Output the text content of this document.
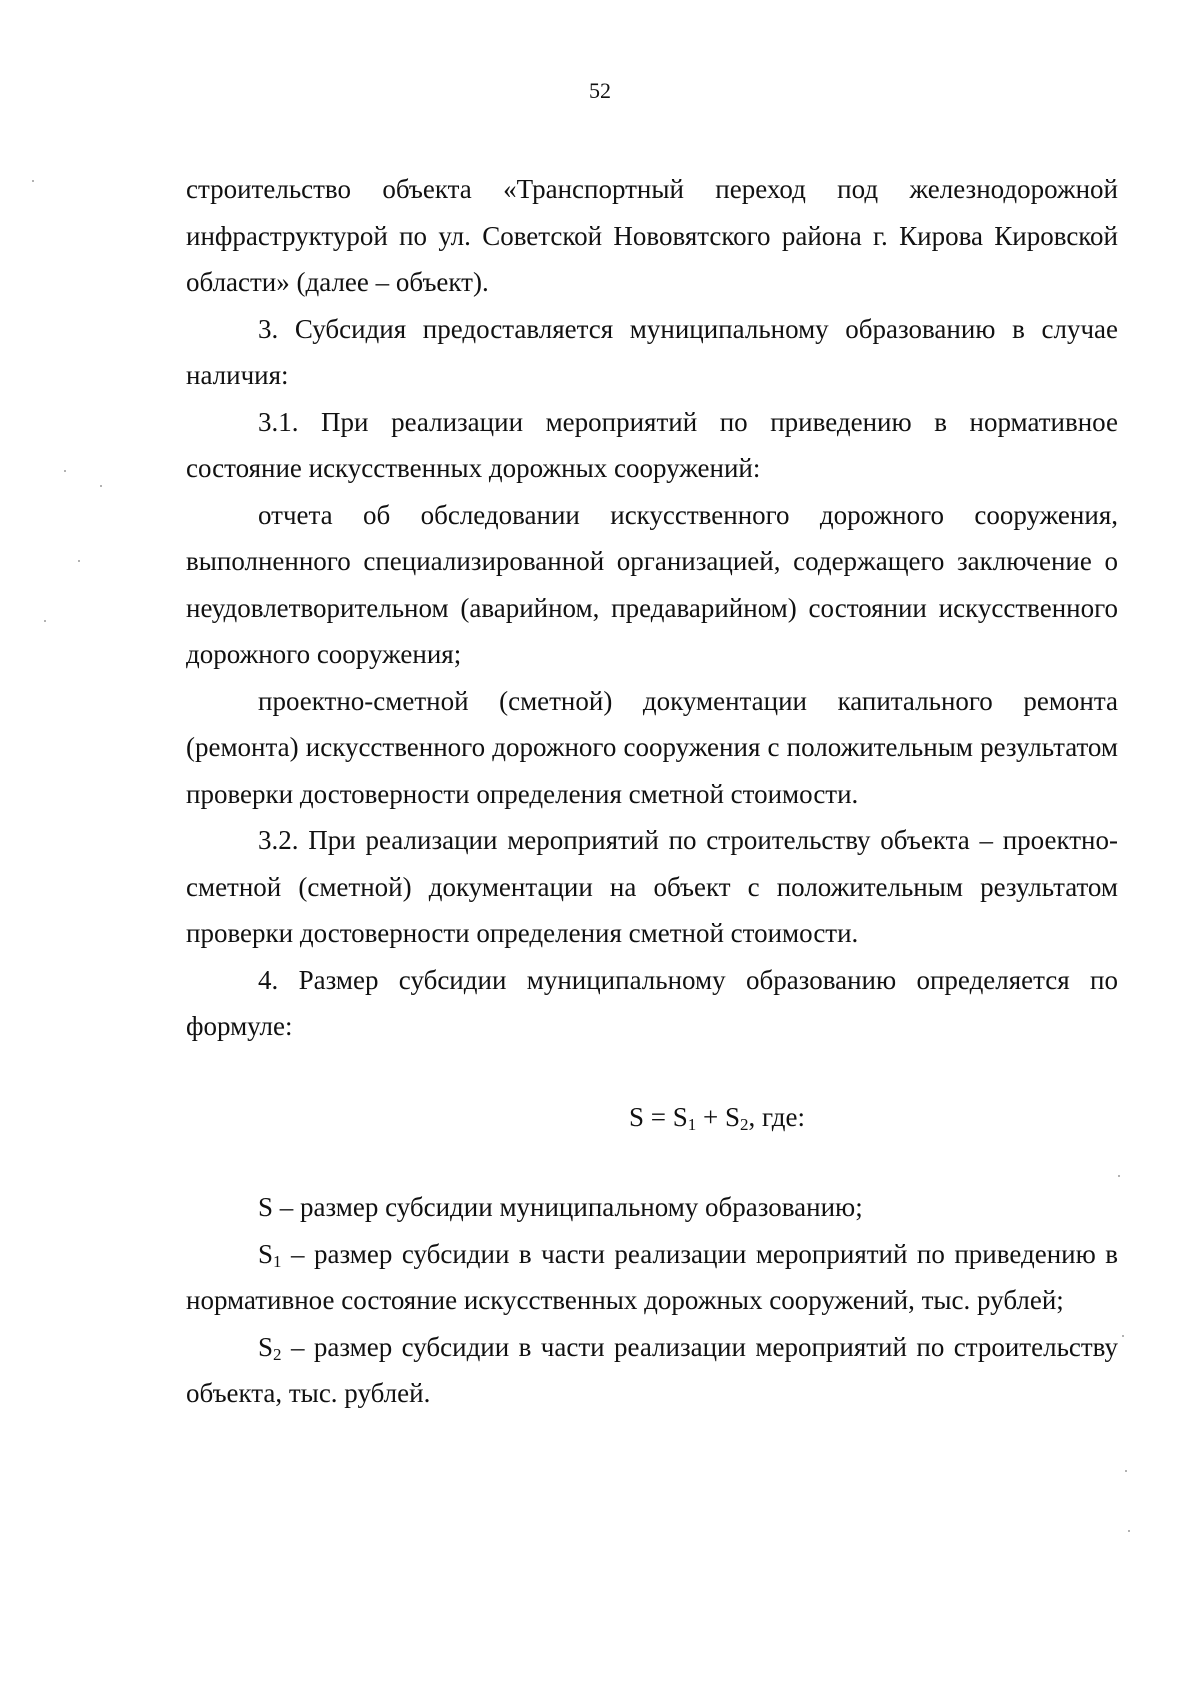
52

строительство объекта «Транспортный переход под железнодорожной инфраструктурой по ул. Советской Нововятского района г. Кирова Кировской области» (далее – объект).

3. Субсидия предоставляется муниципальному образованию в случае наличия:

3.1. При реализации мероприятий по приведению в нормативное состояние искусственных дорожных сооружений:

отчета об обследовании искусственного дорожного сооружения, выполненного специализированной организацией, содержащего заключение о неудовлетворительном (аварийном, предаварийном) состоянии искусственного дорожного сооружения;

проектно-сметной (сметной) документации капитального ремонта (ремонта) искусственного дорожного сооружения с положительным результатом проверки достоверности определения сметной стоимости.

3.2. При реализации мероприятий по строительству объекта – проектно-сметной (сметной) документации на объект с положительным результатом проверки достоверности определения сметной стоимости.

4. Размер субсидии муниципальному образованию определяется по формуле:

$S = S_1 + S_2$, где:

S – размер субсидии муниципальному образованию;

$S_1$ – размер субсидии в части реализации мероприятий по приведению в нормативное состояние искусственных дорожных сооружений, тыс. рублей;

$S_2$ – размер субсидии в части реализации мероприятий по строительству объекта, тыс. рублей.
